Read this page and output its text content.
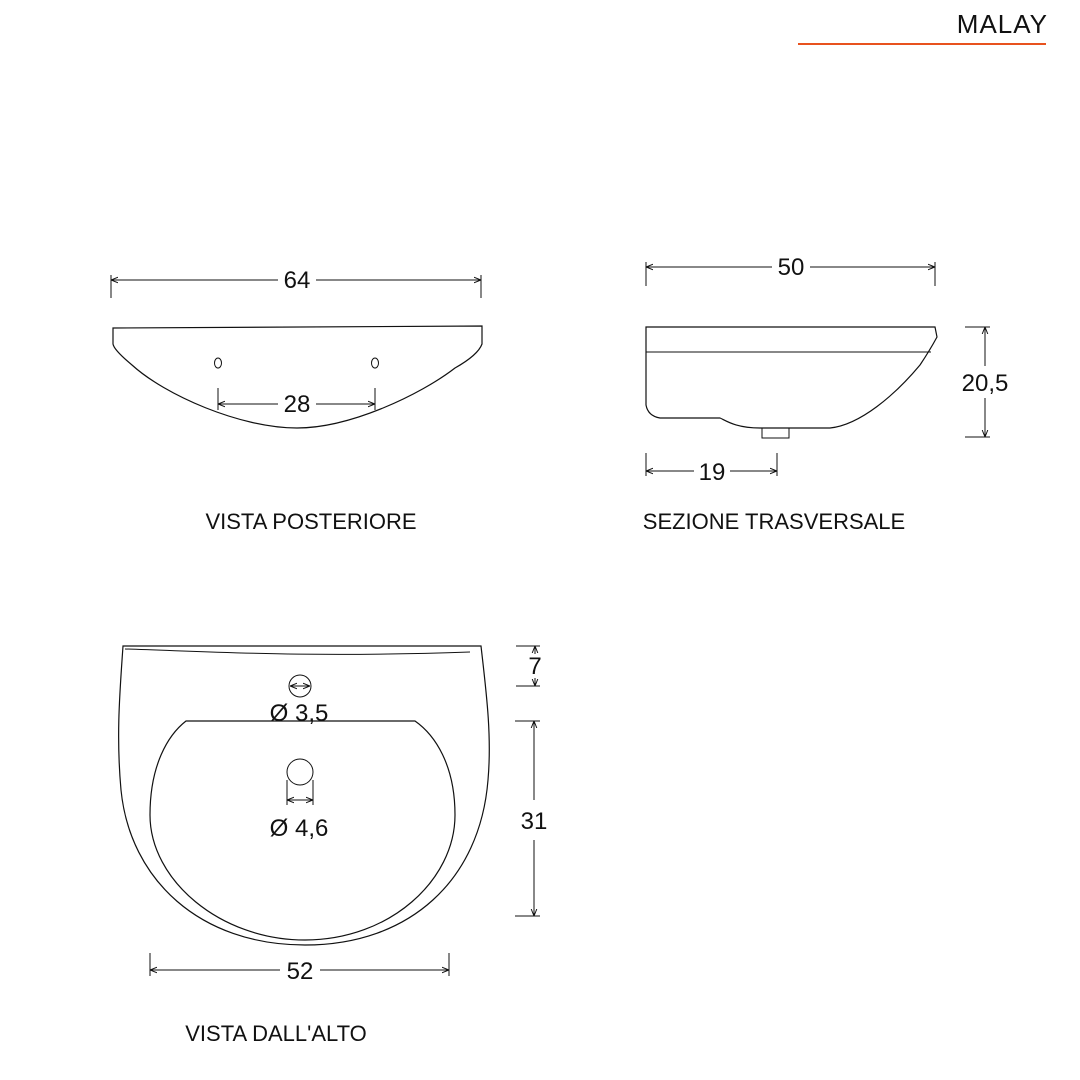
MALAY
64
28
VISTA POSTERIORE
50
20,5
19
SEZIONE TRASVERSALE
Ø 3,5
Ø 4,6
7
31
52
VISTA DALL'ALTO
